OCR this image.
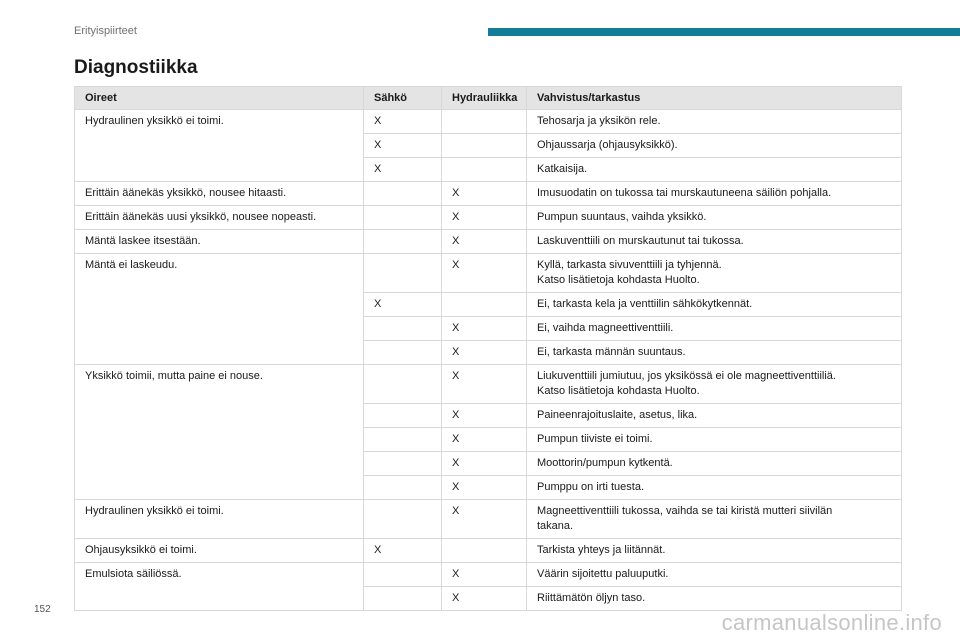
Erityispiirteet
Diagnostiikka
Oireet	Sähkö	Hydrauliikka	Vahvistus/tarkastus
Hydraulinen yksikkö ei toimi.	X		Tehosarja ja yksikön rele.

	X		Ohjaussarja (ohjausyksikkö).

	X		Katkaisija.

Erittäin äänekäs yksikkö, nousee hitaasti.		X	Imusuodatin on tukossa tai murskautuneena säiliön pohjalla.

Erittäin äänekäs uusi yksikkö, nousee nopeasti.		X	Pumpun suuntaus, vaihda yksikkö.

Mäntä laskee itsestään.		X	Laskuventtiili on murskautunut tai tukossa.

Mäntä ei laskeudu.		X	Kyllä, tarkasta sivuventtiili ja tyhjennä.
Katso lisätietoja kohdasta Huolto.

	X		Ei, tarkasta kela ja venttiilin sähkökytkennät.

		X	Ei, vaihda magneettiventtiili.

		X	Ei, tarkasta männän suuntaus.

Yksikkö toimii, mutta paine ei nouse.		X	Liukuventtiili jumiutuu, jos yksikössä ei ole magneettiventtiiliä.
Katso lisätietoja kohdasta Huolto.

		X	Paineenrajoituslaite, asetus, lika.

		X	Pumpun tiiviste ei toimi.

		X	Moottorin/pumpun kytkentä.

		X	Pumppu on irti tuesta.

Hydraulinen yksikkö ei toimi.		X	Magneettiventtiili tukossa, vaihda se tai kiristä mutteri siivilän
takana.

Ohjausyksikkö ei toimi.	X		Tarkista yhteys ja liitännät.

Emulsiota säiliössä.		X	Väärin sijoitettu paluuputki.

		X	Riittämätön öljyn taso.
152
carmanualsonline.info
